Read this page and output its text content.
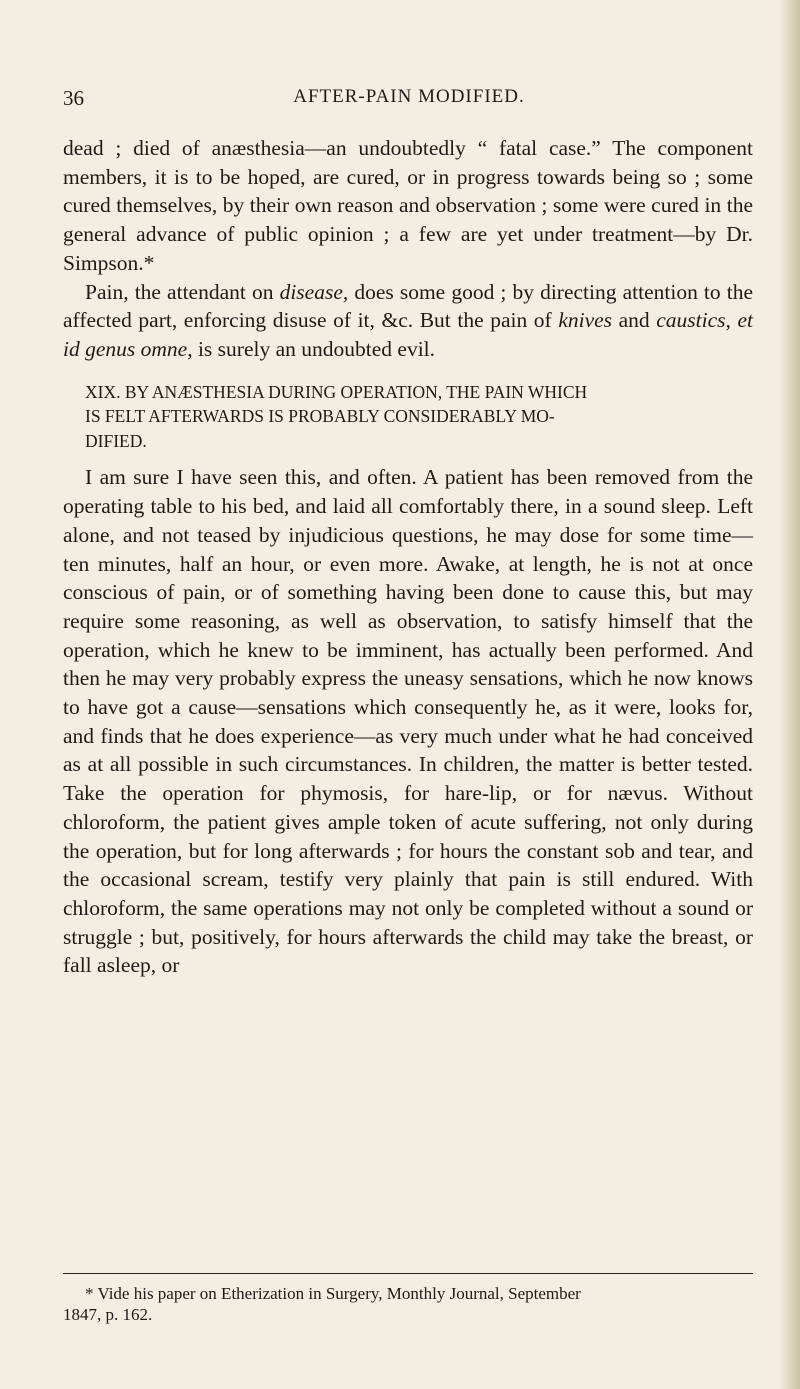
36	AFTER-PAIN MODIFIED.

dead ; died of anæsthesia—an undoubtedly “ fatal case.” The component members, it is to be hoped, are cured, or in progress towards being so ; some cured themselves, by their own reason and observation ; some were cured in the general advance of public opinion ; a few are yet under treatment—by Dr. Simpson.*

Pain, the attendant on disease, does some good ; by directing attention to the affected part, enforcing disuse of it, &c. But the pain of knives and caustics, et id genus omne, is surely an undoubted evil.

XIX. BY ANÆSTHESIA DURING OPERATION, THE PAIN WHICH
IS FELT AFTERWARDS IS PROBABLY CONSIDERABLY MO-
DIFIED.

I am sure I have seen this, and often. A patient has been removed from the operating table to his bed, and laid all comfortably there, in a sound sleep. Left alone, and not teased by injudicious questions, he may dose for some time— ten minutes, half an hour, or even more. Awake, at length, he is not at once conscious of pain, or of something having been done to cause this, but may require some reasoning, as well as observation, to satisfy himself that the operation, which he knew to be imminent, has actually been performed. And then he may very probably express the uneasy sensations, which he now knows to have got a cause—sensations which consequently he, as it were, looks for, and finds that he does experience—as very much under what he had conceived as at all possible in such circumstances. In children, the matter is better tested. Take the operation for phymosis, for hare-lip, or for nævus. Without chloroform, the patient gives ample token of acute suffering, not only during the operation, but for long afterwards ; for hours the constant sob and tear, and the occasional scream, testify very plainly that pain is still endured. With chloroform, the same operations may not only be completed without a sound or struggle ; but, positively, for hours afterwards the child may take the breast, or fall asleep, or

* Vide his paper on Etherization in Surgery, Monthly Journal, September
1847, p. 162.
